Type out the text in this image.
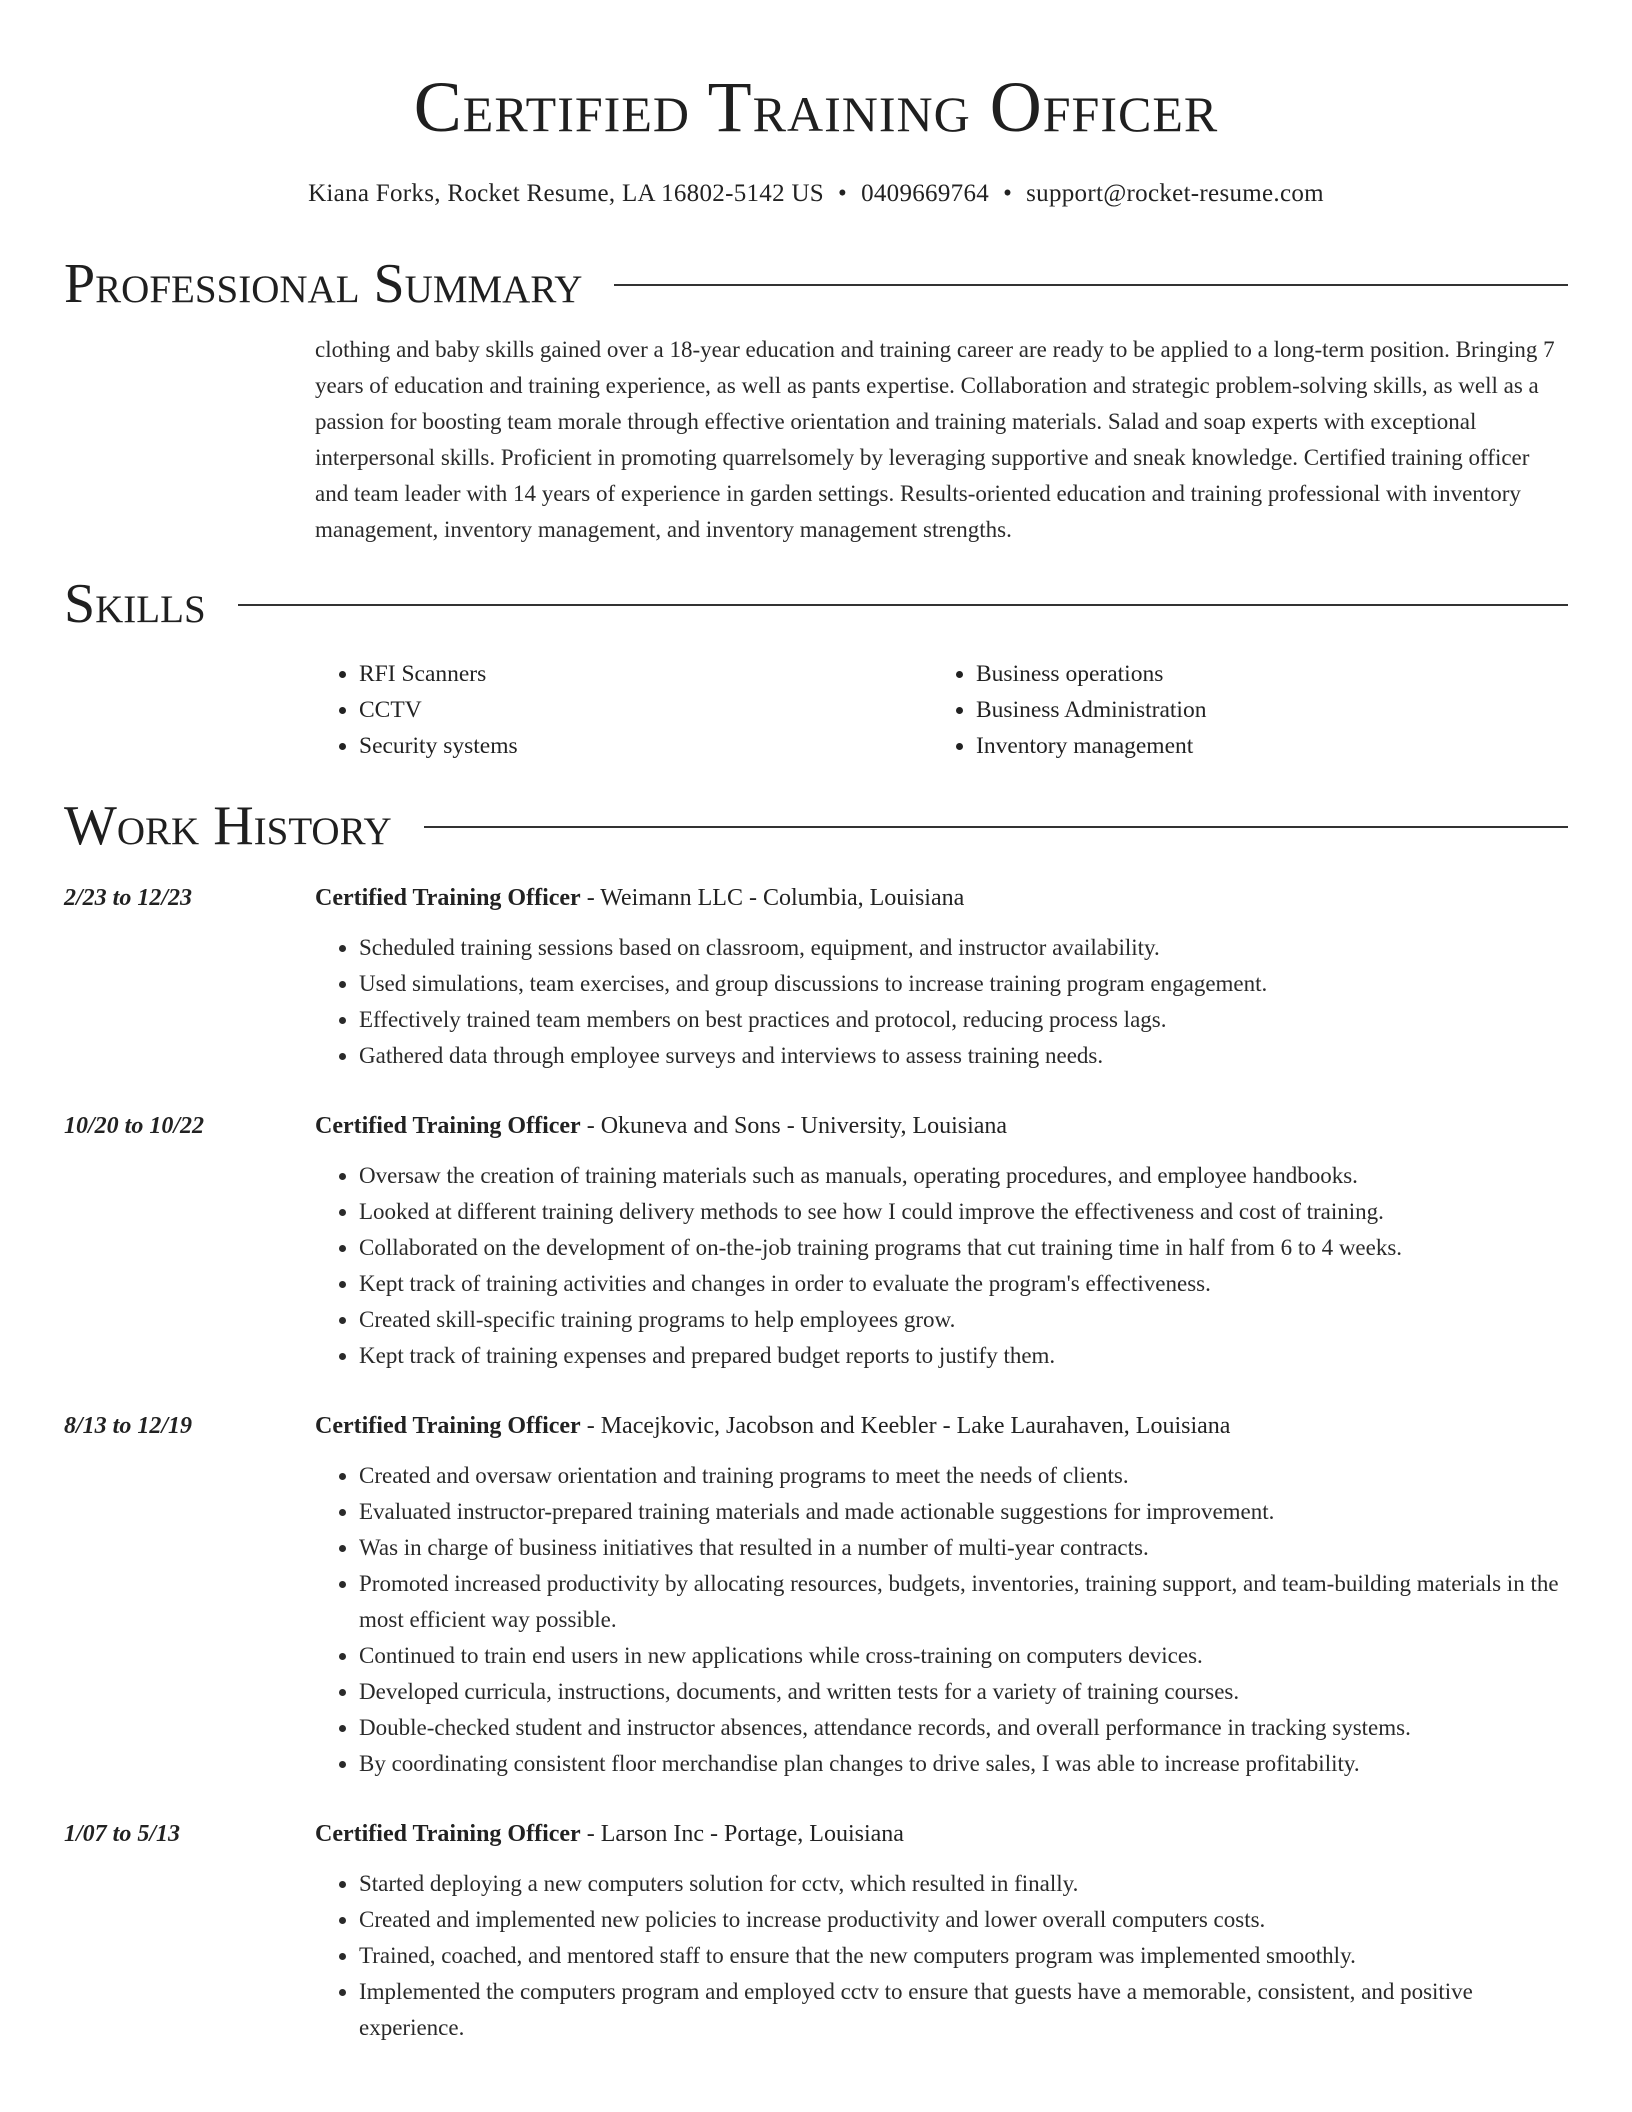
Certified Training Officer
Kiana Forks, Rocket Resume, LA 16802-5142 US • 0409669764 • support@rocket-resume.com
Professional Summary
clothing and baby skills gained over a 18-year education and training career are ready to be applied to a long-term position. Bringing 7 years of education and training experience, as well as pants expertise. Collaboration and strategic problem-solving skills, as well as a passion for boosting team morale through effective orientation and training materials. Salad and soap experts with exceptional interpersonal skills. Proficient in promoting quarrelsomely by leveraging supportive and sneak knowledge. Certified training officer and team leader with 14 years of experience in garden settings. Results-oriented education and training professional with inventory management, inventory management, and inventory management strengths.
Skills
• RFI Scanners
• CCTV
• Security systems
• Business operations
• Business Administration
• Inventory management
Work History
2/23 to 12/23	Certified Training Officer - Weimann LLC - Columbia, Louisiana
• Scheduled training sessions based on classroom, equipment, and instructor availability.
• Used simulations, team exercises, and group discussions to increase training program engagement.
• Effectively trained team members on best practices and protocol, reducing process lags.
• Gathered data through employee surveys and interviews to assess training needs.
10/20 to 10/22	Certified Training Officer - Okuneva and Sons - University, Louisiana
• Oversaw the creation of training materials such as manuals, operating procedures, and employee handbooks.
• Looked at different training delivery methods to see how I could improve the effectiveness and cost of training.
• Collaborated on the development of on-the-job training programs that cut training time in half from 6 to 4 weeks.
• Kept track of training activities and changes in order to evaluate the program's effectiveness.
• Created skill-specific training programs to help employees grow.
• Kept track of training expenses and prepared budget reports to justify them.
8/13 to 12/19	Certified Training Officer - Macejkovic, Jacobson and Keebler - Lake Laurahaven, Louisiana
• Created and oversaw orientation and training programs to meet the needs of clients.
• Evaluated instructor-prepared training materials and made actionable suggestions for improvement.
• Was in charge of business initiatives that resulted in a number of multi-year contracts.
• Promoted increased productivity by allocating resources, budgets, inventories, training support, and team-building materials in the most efficient way possible.
• Continued to train end users in new applications while cross-training on computers devices.
• Developed curricula, instructions, documents, and written tests for a variety of training courses.
• Double-checked student and instructor absences, attendance records, and overall performance in tracking systems.
• By coordinating consistent floor merchandise plan changes to drive sales, I was able to increase profitability.
1/07 to 5/13	Certified Training Officer - Larson Inc - Portage, Louisiana
• Started deploying a new computers solution for cctv, which resulted in finally.
• Created and implemented new policies to increase productivity and lower overall computers costs.
• Trained, coached, and mentored staff to ensure that the new computers program was implemented smoothly.
• Implemented the computers program and employed cctv to ensure that guests have a memorable, consistent, and positive experience.
